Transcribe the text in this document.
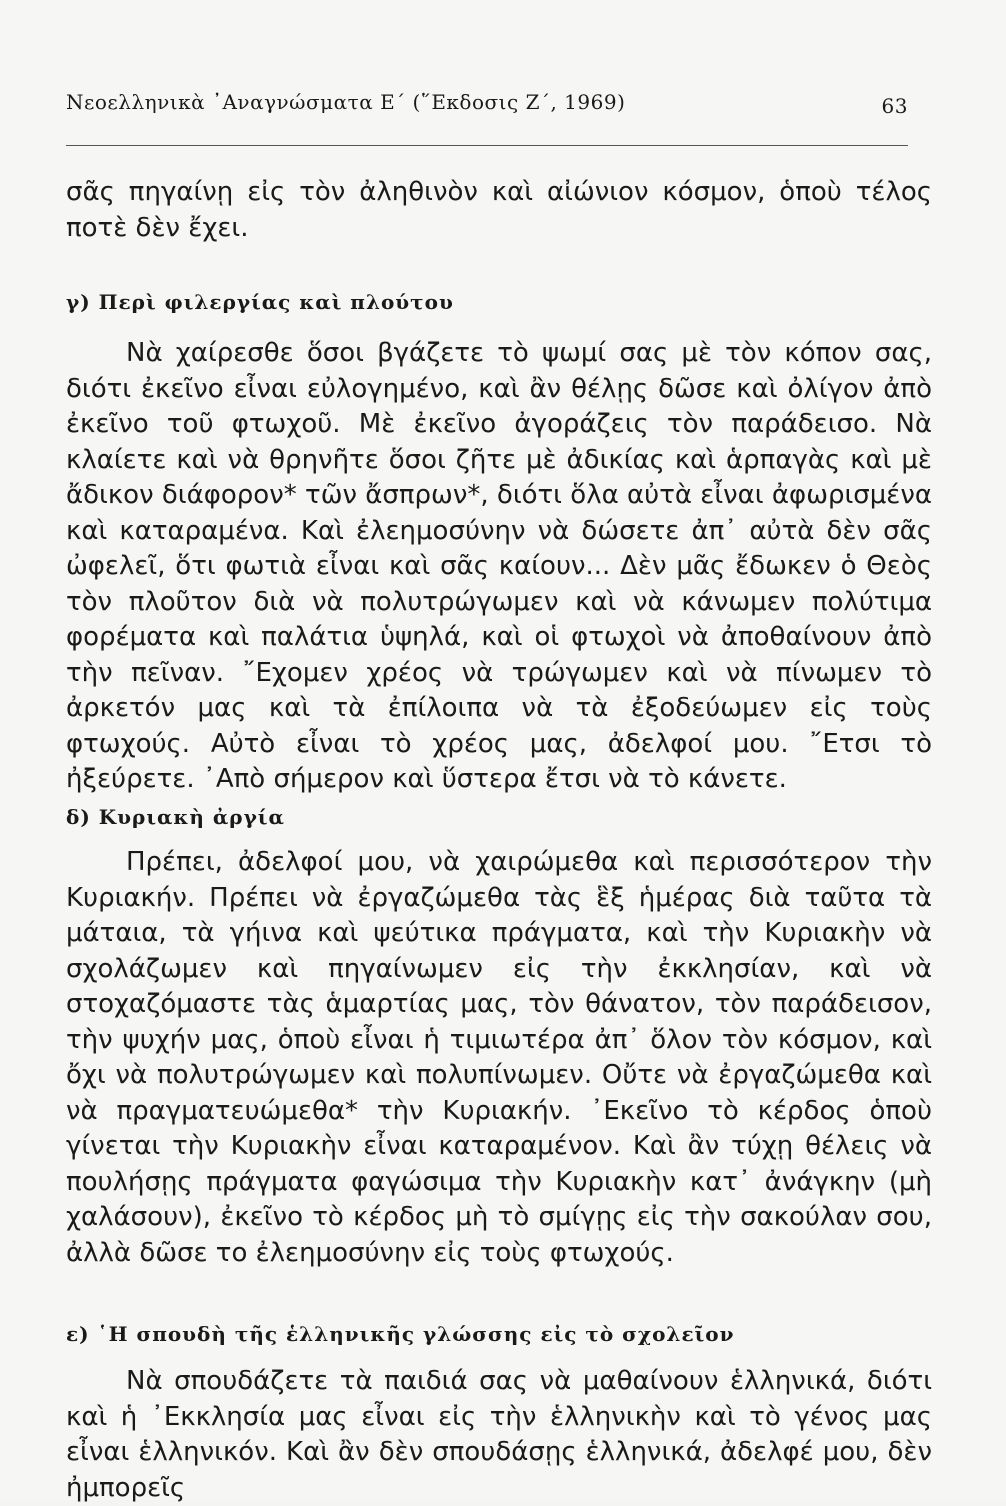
Νεοελληνικὰ ᾿Αναγνώσματα Ε´ (῞Εκδοσις Ζ´, 1969)	63

σᾶς πηγαίνῃ εἰς τὸν ἀληθινὸν καὶ αἰώνιον κόσμον, ὁποὺ τέλος ποτὲ δὲν ἔχει.

γ) Περὶ φιλεργίας καὶ πλούτου

Νὰ χαίρεσθε ὅσοι βγάζετε τὸ ψωμί σας μὲ τὸν κόπον σας, διότι ἐκεῖνο εἶναι εὐλογημένο, καὶ ἂν θέλῃς δῶσε καὶ ὀλίγον ἀπὸ ἐκεῖνο τοῦ φτωχοῦ. Μὲ ἐκεῖνο ἀγοράζεις τὸν παράδεισο. Νὰ κλαίετε καὶ νὰ θρηνῆτε ὅσοι ζῆτε μὲ ἀδικίας καὶ ἁρπαγὰς καὶ μὲ ἄδικον διάφορον* τῶν ἄσπρων*, διότι ὅλα αὐτὰ εἶναι ἀφωρισμένα καὶ καταραμένα. Καὶ ἐλεημοσύνην νὰ δώσετε ἀπ᾿ αὐτὰ δὲν σᾶς ὠφελεῖ, ὅτι φωτιὰ εἶναι καὶ σᾶς καίουν... Δὲν μᾶς ἔδωκεν ὁ Θεὸς τὸν πλοῦτον διὰ νὰ πολυτρώγωμεν καὶ νὰ κάνωμεν πολύτιμα φορέματα καὶ παλάτια ὑψηλά, καὶ οἱ φτωχοὶ νὰ ἀποθαίνουν ἀπὸ τὴν πεῖναν. ῎Εχομεν χρέος νὰ τρώγωμεν καὶ νὰ πίνωμεν τὸ ἀρκετόν μας καὶ τὰ ἐπίλοιπα νὰ τὰ ἐξοδεύωμεν εἰς τοὺς φτωχούς. Αὐτὸ εἶναι τὸ χρέος μας, ἀδελφοί μου. ῎Ετσι τὸ ἠξεύρετε. ᾿Απὸ σήμερον καὶ ὕστερα ἔτσι νὰ τὸ κάνετε.

δ) Κυριακὴ ἀργία

Πρέπει, ἀδελφοί μου, νὰ χαιρώμεθα καὶ περισσότερον τὴν Κυριακήν. Πρέπει νὰ ἐργαζώμεθα τὰς ἓξ ἡμέρας διὰ ταῦτα τὰ μάταια, τὰ γήινα καὶ ψεύτικα πράγματα, καὶ τὴν Κυριακὴν νὰ σχολάζωμεν καὶ πηγαίνωμεν εἰς τὴν ἐκκλησίαν, καὶ νὰ στοχαζόμαστε τὰς ἁμαρτίας μας, τὸν θάνατον, τὸν παράδεισον, τὴν ψυχήν μας, ὁποὺ εἶναι ἡ τιμιωτέρα ἀπ᾿ ὅλον τὸν κόσμον, καὶ ὄχι νὰ πολυτρώγωμεν καὶ πολυπίνωμεν. Οὔτε νὰ ἐργαζώμεθα καὶ νὰ πραγματευώμεθα* τὴν Κυριακήν. ᾿Εκεῖνο τὸ κέρδος ὁποὺ γίνεται τὴν Κυριακὴν εἶναι καταραμένον. Καὶ ἂν τύχῃ θέλεις νὰ πουλήσῃς πράγματα φαγώσιμα τὴν Κυριακὴν κατ᾿ ἀνάγκην (μὴ χαλάσουν), ἐκεῖνο τὸ κέρδος μὴ τὸ σμίγῃς εἰς τὴν σακούλαν σου, ἀλλὰ δῶσε το ἐλεημοσύνην εἰς τοὺς φτωχούς.

ε) ῾Η σπουδὴ τῆς ἑλληνικῆς γλώσσης εἰς τὸ σχολεῖον

Νὰ σπουδάζετε τὰ παιδιά σας νὰ μαθαίνουν ἑλληνικά, διότι καὶ ἡ ᾿Εκκλησία μας εἶναι εἰς τὴν ἑλληνικὴν καὶ τὸ γένος μας εἶναι ἑλληνικόν. Καὶ ἂν δὲν σπουδάσῃς ἑλληνικά, ἀδελφέ μου, δὲν ἠμπορεῖς
